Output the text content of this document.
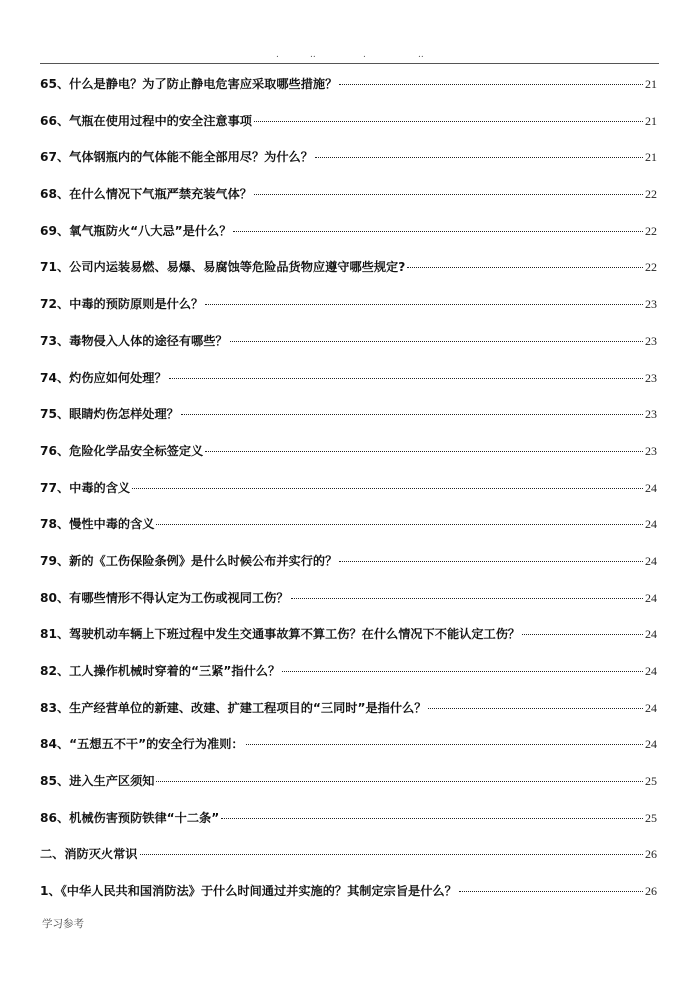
.	..	.	..
65、什么是静电？为了防止静电危害应采取哪些措施？	21
66、气瓶在使用过程中的安全注意事项	21
67、气体钢瓶内的气体能不能全部用尽？为什么？	21
68、在什么情况下气瓶严禁充装气体？	22
69、氧气瓶防火“八大忌”是什么？	22
71、公司内运装易燃、易爆、易腐蚀等危险品货物应遵守哪些规定?	22
72、中毒的预防原则是什么？	23
73、毒物侵入人体的途径有哪些？	23
74、灼伤应如何处理？	23
75、眼睛灼伤怎样处理？	23
76、危险化学品安全标签定义	23
77、中毒的含义	24
78、慢性中毒的含义	24
79、新的《工伤保险条例》是什么时候公布并实行的？	24
80、有哪些情形不得认定为工伤或视同工伤？	24
81、驾驶机动车辆上下班过程中发生交通事故算不算工伤？在什么情况下不能认定工伤？	24
82、工人操作机械时穿着的“三紧”指什么？	24
83、生产经营单位的新建、改建、扩建工程项目的“三同时”是指什么？	24
84、“五想五不干”的安全行为准则：	24
85、进入生产区须知	25
86、机械伤害预防铁律“十二条”	25
二、消防灭火常识	26
1、《中华人民共和国消防法》于什么时间通过并实施的？其制定宗旨是什么？	26
学习参考
